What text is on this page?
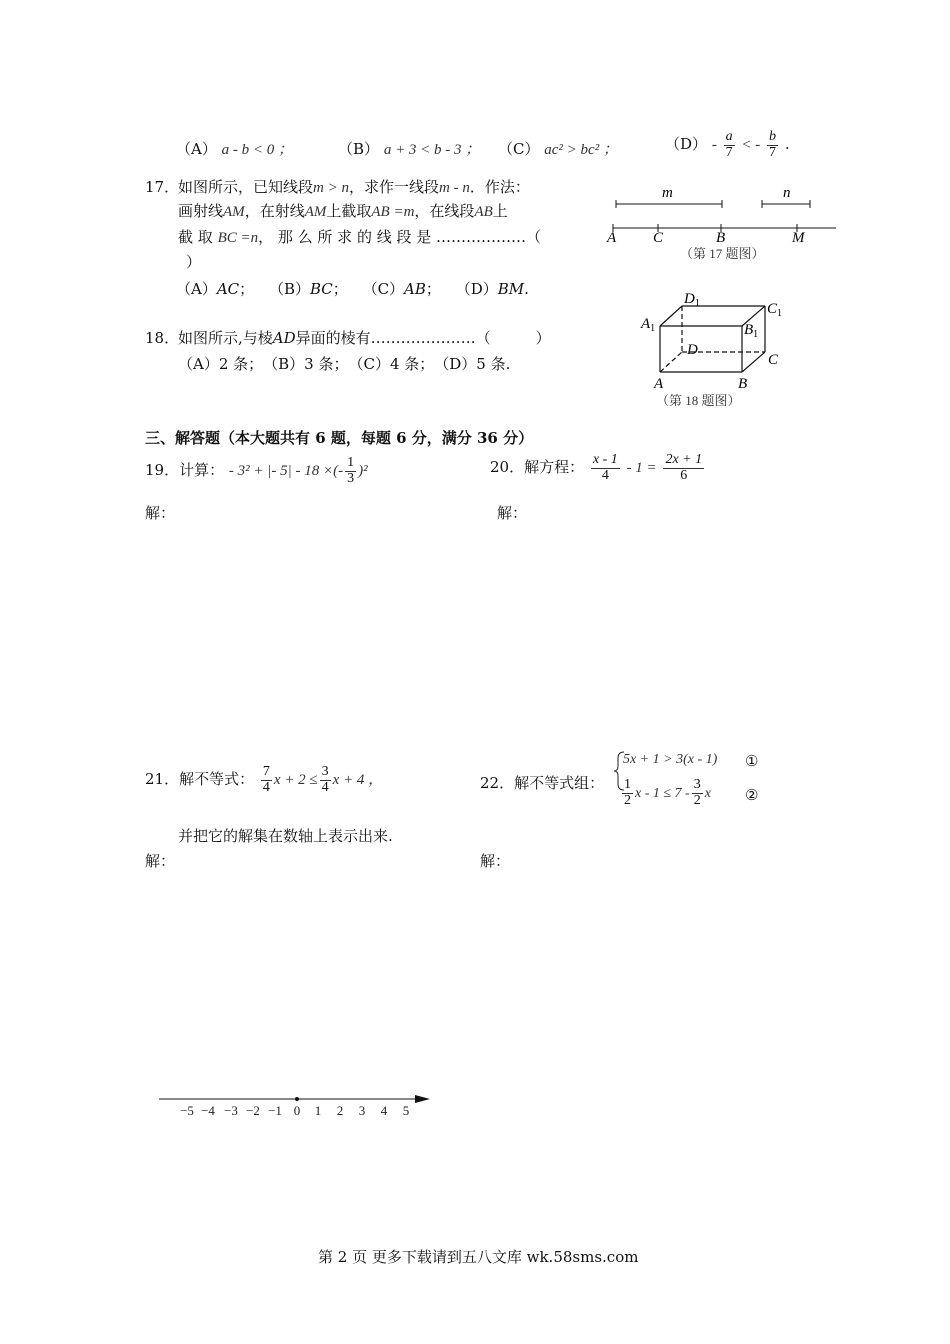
（A） a - b < 0 ；	（B） a + 3 < b - 3 ； （C） ac² > bc² ；	$(D) - \frac{a}{7}$ < - $\frac{b}{7}$ .
17．
如图所示，已知线段m > n，求作一线段m - n．作法：
画射线AM，在射线AM上截取AB =m，在线段AB上
截 取 BC =n， 那 么 所 求 的 线 段 是 ………………（
）
（A）AC； （B）BC； （C）AB； （D）BM.
m	n
A C	B	M
（第 17 题图）
18．
如图所示,与棱AD异面的棱有…………………（　　　）
（A）2 条；　（B）3 条；　（C）4 条；　（D）5 条.
$D_1$	$C_1$
$A_1$	$B_1$
D
C
A	B
（第 18 题图）
三、解答题（本大题共有 6 题，每题 6 分，满分 36 分）
19．计算： - 3² + |- 5| - 18 ×(- $\frac{1}{3} )^2$
解：
20．解方程： $\frac{x - 1}{4} - 1 = \frac{2x + 1}{6}$
解：
21．解不等式： $\frac{7}{4}$ $x + 2 \le \frac{3}{4}$ x + 4 ，
并把它的解集在数轴上表示出来.
解：
22．解不等式组：
5x + 1 > 3(x - 1) ①
$\frac{1}{2}$ $x - 1 \le 7 - \frac{3}{2}$ x ②
解：
−5 −4 −3 −2 −1 0 1 2 3 4 5
第 2 页 更多下载请到五八文库 wk.58sms.com
